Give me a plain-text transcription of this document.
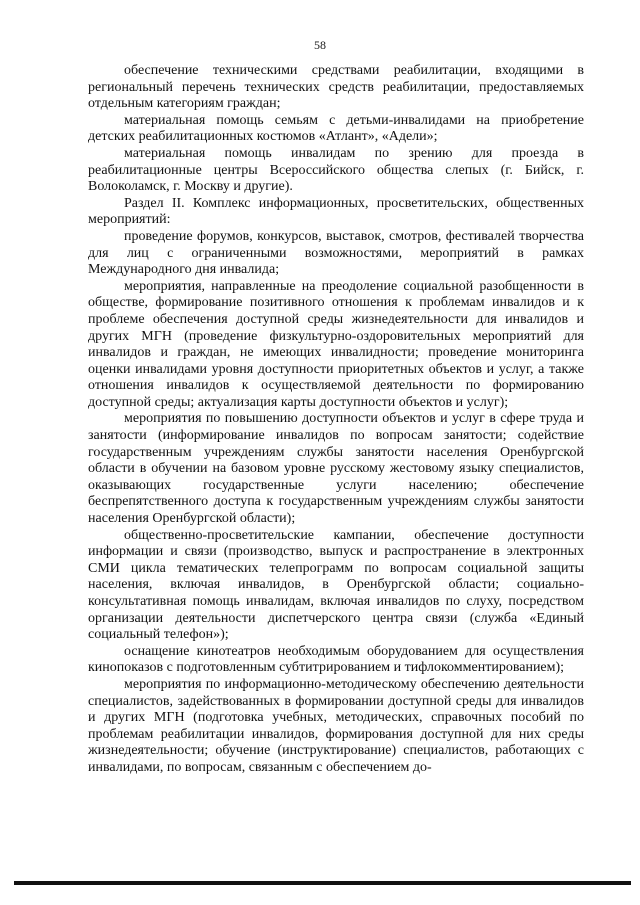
58

обеспечение техническими средствами реабилитации, входящими в региональный перечень технических средств реабилитации, предоставляемых отдельным категориям граждан;

материальная помощь семьям с детьми-инвалидами на приобретение детских реабилитационных костюмов «Атлант», «Адели»;

материальная помощь инвалидам по зрению для проезда в реабилитационные центры Всероссийского общества слепых (г. Бийск, г. Волоколамск, г. Москву и другие).

Раздел II. Комплекс информационных, просветительских, общественных мероприятий:

проведение форумов, конкурсов, выставок, смотров, фестивалей творчества для лиц с ограниченными возможностями, мероприятий в рамках Международного дня инвалида;

мероприятия, направленные на преодоление социальной разобщенности в обществе, формирование позитивного отношения к проблемам инвалидов и к проблеме обеспечения доступной среды жизнедеятельности для инвалидов и других МГН (проведение физкультурно-оздоровительных мероприятий для инвалидов и граждан, не имеющих инвалидности; проведение мониторинга оценки инвалидами уровня доступности приоритетных объектов и услуг, а также отношения инвалидов к осуществляемой деятельности по формированию доступной среды; актуализация карты доступности объектов и услуг);

мероприятия по повышению доступности объектов и услуг в сфере труда и занятости (информирование инвалидов по вопросам занятости; содействие государственным учреждениям службы занятости населения Оренбургской области в обучении на базовом уровне русскому жестовому языку специалистов, оказывающих государственные услуги населению; обеспечение беспрепятственного доступа к государственным учреждениям службы занятости населения Оренбургской области);

общественно-просветительские кампании, обеспечение доступности информации и связи (производство, выпуск и распространение в электронных СМИ цикла тематических телепрограмм по вопросам социальной защиты населения, включая инвалидов, в Оренбургской области; социально-консультативная помощь инвалидам, включая инвалидов по слуху, посредством организации деятельности диспетчерского центра связи (служба «Единый социальный телефон»);

оснащение кинотеатров необходимым оборудованием для осуществления кинопоказов с подготовленным субтитрированием и тифлокомментированием);

мероприятия по информационно-методическому обеспечению деятельности специалистов, задействованных в формировании доступной среды для инвалидов и других МГН (подготовка учебных, методических, справочных пособий по проблемам реабилитации инвалидов, формирования доступной для них среды жизнедеятельности; обучение (инструктирование) специалистов, работающих с инвалидами, по вопросам, связанным с обеспечением до-
